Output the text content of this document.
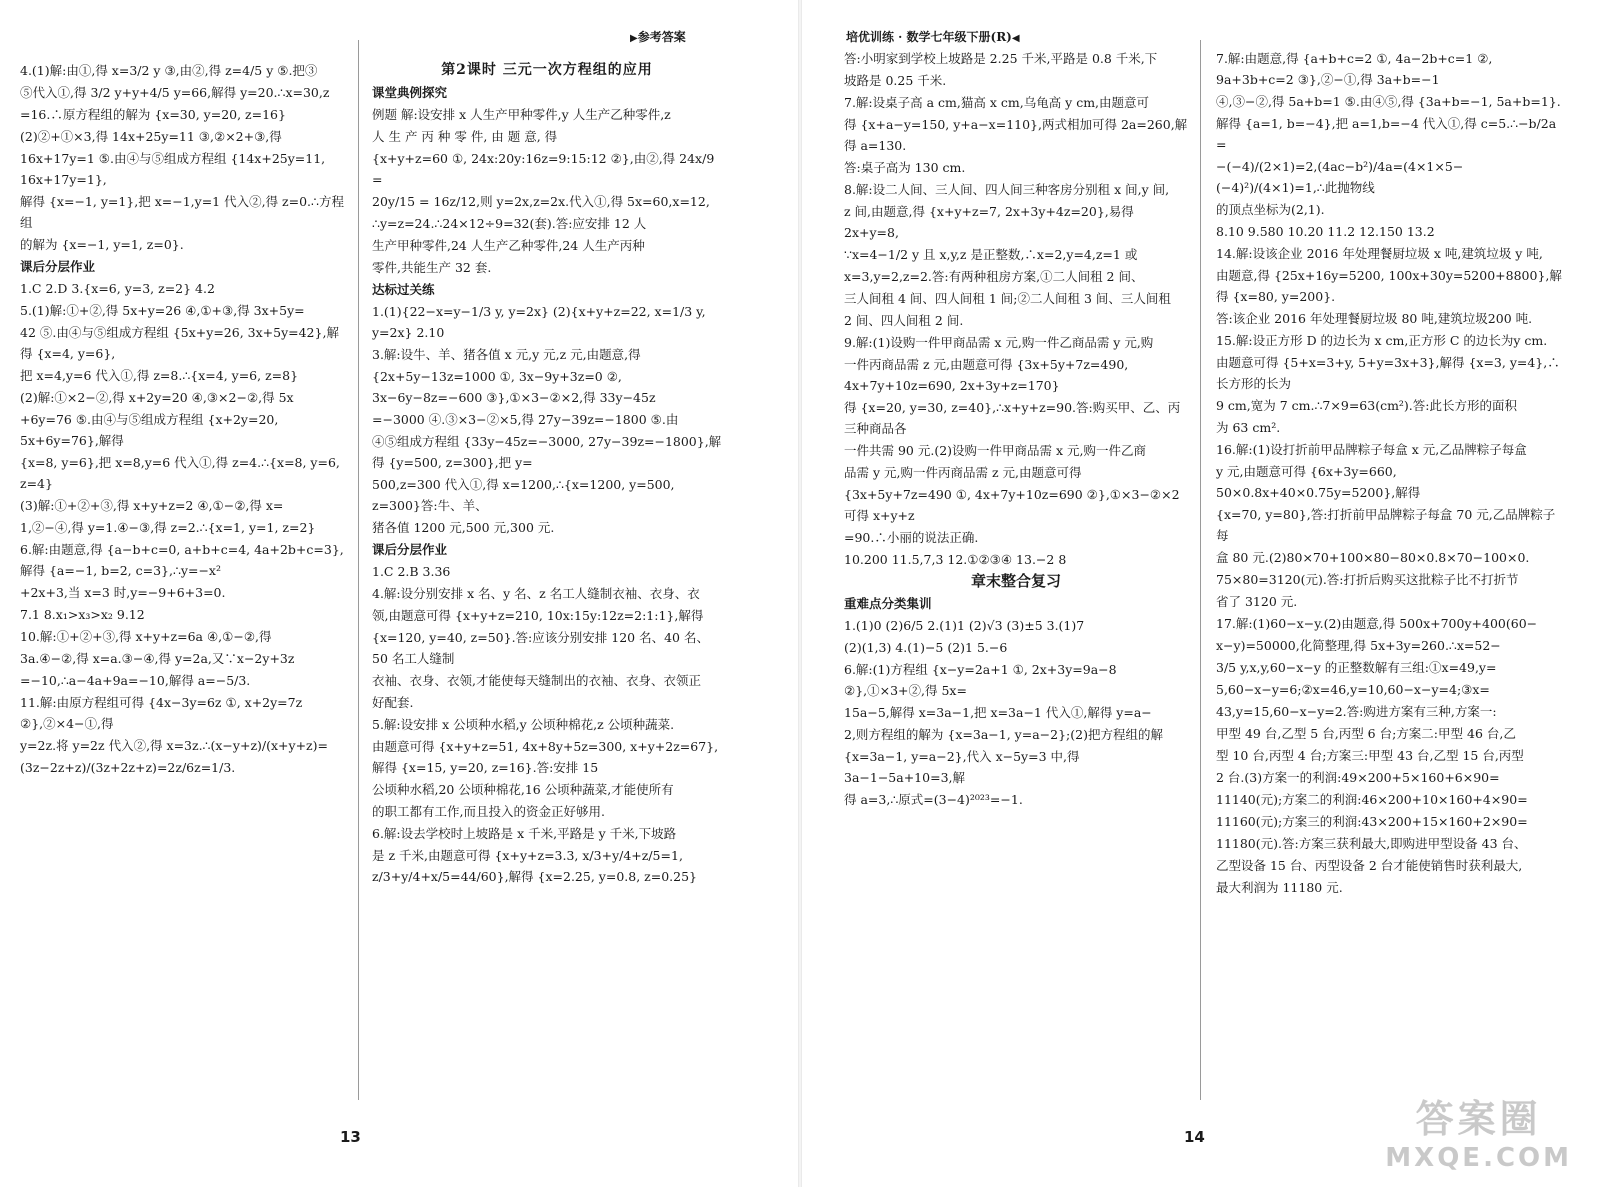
▶参考答案

4.(1)解:由①,得 x=3/2 y ③,由②,得 z=4/5 y ⑤.把③

⑤代入①,得 3/2 y+y+4/5 y=66,解得 y=20.∴x=30,z

=16.∴原方程组的解为 {x=30, y=20, z=16}

(2)②+①×3,得 14x+25y=11 ③,②×2+③,得

16x+17y=1 ⑤.由④与⑤组成方程组 {14x+25y=11, 16x+17y=1},

解得 {x=−1, y=1},把 x=−1,y=1 代入②,得 z=0.∴方程组

的解为 {x=−1, y=1, z=0}.

课后分层作业

1.C 2.D 3.{x=6, y=3, z=2} 4.2

5.(1)解:①+②,得 5x+y=26 ④,①+③,得 3x+5y=

42 ⑤.由④与⑤组成方程组 {5x+y=26, 3x+5y=42},解得 {x=4, y=6},

把 x=4,y=6 代入①,得 z=8.∴{x=4, y=6, z=8}

(2)解:①×2−②,得 x+2y=20 ④,③×2−②,得 5x

+6y=76 ⑤.由④与⑤组成方程组 {x+2y=20, 5x+6y=76},解得

{x=8, y=6},把 x=8,y=6 代入①,得 z=4.∴{x=8, y=6, z=4}

(3)解:①+②+③,得 x+y+z=2 ④,①−②,得 x=

1,②−④,得 y=1.④−③,得 z=2.∴{x=1, y=1, z=2}

6.解:由题意,得 {a−b+c=0, a+b+c=4, 4a+2b+c=3},解得 {a=−1, b=2, c=3},∴y=−x²

+2x+3,当 x=3 时,y=−9+6+3=0.

7.1 8.x₁>x₃>x₂ 9.12

10.解:①+②+③,得 x+y+z=6a ④,①−②,得

3a.④−②,得 x=a.③−④,得 y=2a,又∵x−2y+3z

=−10,∴a−4a+9a=−10,解得 a=−5/3.

11.解:由原方程组可得 {4x−3y=6z ①, x+2y=7z ②},②×4−①,得

y=2z.将 y=2z 代入②,得 x=3z.∴(x−y+z)/(x+y+z)=

(3z−2z+z)/(3z+2z+z)=2z/6z=1/3.

第2课时 三元一次方程组的应用

课堂典例探究

例题 解:设安排 x 人生产甲种零件,y 人生产乙种零件,z

人 生 产 丙 种 零 件, 由 题 意, 得

{x+y+z=60 ①, 24x:20y:16z=9:15:12 ②},由②,得 24x/9 =

20y/15 = 16z/12,则 y=2x,z=2x.代入①,得 5x=60,x=12,

∴y=z=24.∴24×12÷9=32(套).答:应安排 12 人

生产甲种零件,24 人生产乙种零件,24 人生产丙种

零件,共能生产 32 套.

达标过关练

1.(1){22−x=y−1/3 y, y=2x} (2){x+y+z=22, x=1/3 y, y=2x} 2.10

3.解:设牛、羊、猪各值 x 元,y 元,z 元,由题意,得

{2x+5y−13z=1000 ①, 3x−9y+3z=0 ②, 3x−6y−8z=−600 ③},①×3−②×2,得 33y−45z

=−3000 ④.③×3−②×5,得 27y−39z=−1800 ⑤.由

④⑤组成方程组 {33y−45z=−3000, 27y−39z=−1800},解得 {y=500, z=300},把 y=

500,z=300 代入①,得 x=1200,∴{x=1200, y=500, z=300}答:牛、羊、

猪各值 1200 元,500 元,300 元.

课后分层作业

1.C 2.B 3.36

4.解:设分别安排 x 名、y 名、z 名工人缝制衣袖、衣身、衣

领,由题意可得 {x+y+z=210, 10x:15y:12z=2:1:1},解得

{x=120, y=40, z=50}.答:应该分别安排 120 名、40 名、50 名工人缝制

衣袖、衣身、衣领,才能使每天缝制出的衣袖、衣身、衣领正

好配套.

5.解:设安排 x 公顷种水稻,y 公顷种棉花,z 公顷种蔬菜.

由题意可得 {x+y+z=51, 4x+8y+5z=300, x+y+2z=67},解得 {x=15, y=20, z=16}.答:安排 15

公顷种水稻,20 公顷种棉花,16 公顷种蔬菜,才能使所有

的职工都有工作,而且投入的资金正好够用.

6.解:设去学校时上坡路是 x 千米,平路是 y 千米,下坡路

是 z 千米,由题意可得 {x+y+z=3.3, x/3+y/4+z/5=1, z/3+y/4+x/5=44/60},解得 {x=2.25, y=0.8, z=0.25}

13
培优训练 · 数学七年级下册(R)◀

答:小明家到学校上坡路是 2.25 千米,平路是 0.8 千米,下

坡路是 0.25 千米.

7.解:设桌子高 a cm,猫高 x cm,乌龟高 y cm,由题意可

得 {x+a−y=150, y+a−x=110},两式相加可得 2a=260,解得 a=130.

答:桌子高为 130 cm.

8.解:设二人间、三人间、四人间三种客房分别租 x 间,y 间,

z 间,由题意,得 {x+y+z=7, 2x+3y+4z=20},易得 2x+y=8,

∵x=4−1/2 y 且 x,y,z 是正整数,∴x=2,y=4,z=1 或

x=3,y=2,z=2.答:有两种租房方案,①二人间租 2 间、

三人间租 4 间、四人间租 1 间;②二人间租 3 间、三人间租

2 间、四人间租 2 间.

9.解:(1)设购一件甲商品需 x 元,购一件乙商品需 y 元,购

一件丙商品需 z 元,由题意可得 {3x+5y+7z=490, 4x+7y+10z=690, 2x+3y+z=170}

得 {x=20, y=30, z=40},∴x+y+z=90.答:购买甲、乙、丙三种商品各

一件共需 90 元.(2)设购一件甲商品需 x 元,购一件乙商

品需 y 元,购一件丙商品需 z 元,由题意可得

{3x+5y+7z=490 ①, 4x+7y+10z=690 ②},①×3−②×2 可得 x+y+z

=90.∴小丽的说法正确.

10.200 11.5,7,3 12.①②③④ 13.−2 8

章末整合复习

重难点分类集训

1.(1)0 (2)6/5 2.(1)1 (2)√3 (3)±5 3.(1)7

(2)(1,3) 4.(1)−5 (2)1 5.−6

6.解:(1)方程组 {x−y=2a+1 ①, 2x+3y=9a−8 ②},①×3+②,得 5x=

15a−5,解得 x=3a−1,把 x=3a−1 代入①,解得 y=a−

2,则方程组的解为 {x=3a−1, y=a−2};(2)把方程组的解

{x=3a−1, y=a−2},代入 x−5y=3 中,得 3a−1−5a+10=3,解

得 a=3,∴原式=(3−4)²⁰²³=−1.

7.解:由题意,得 {a+b+c=2 ①, 4a−2b+c=1 ②, 9a+3b+c=2 ③},②−①,得 3a+b=−1

④,③−②,得 5a+b=1 ⑤.由④⑤,得 {3a+b=−1, 5a+b=1}.

解得 {a=1, b=−4},把 a=1,b=−4 代入①,得 c=5.∴−b/2a =

−(−4)/(2×1)=2,(4ac−b²)/4a=(4×1×5−(−4)²)/(4×1)=1,∴此抛物线

的顶点坐标为(2,1).

8.10 9.580 10.20 11.2 12.150 13.2

14.解:设该企业 2016 年处理餐厨垃圾 x 吨,建筑垃圾 y 吨,

由题意,得 {25x+16y=5200, 100x+30y=5200+8800},解得 {x=80, y=200}.

答:该企业 2016 年处理餐厨垃圾 80 吨,建筑垃圾200 吨.

15.解:设正方形 D 的边长为 x cm,正方形 C 的边长为y cm.

由题意可得 {5+x=3+y, 5+y=3x+3},解得 {x=3, y=4},∴长方形的长为

9 cm,宽为 7 cm.∴7×9=63(cm²).答:此长方形的面积

为 63 cm².

16.解:(1)设打折前甲品牌粽子每盒 x 元,乙品牌粽子每盒

y 元,由题意可得 {6x+3y=660, 50×0.8x+40×0.75y=5200},解得

{x=70, y=80},答:打折前甲品牌粽子每盒 70 元,乙品牌粽子每

盒 80 元.(2)80×70+100×80−80×0.8×70−100×0.

75×80=3120(元).答:打折后购买这批粽子比不打折节

省了 3120 元.

17.解:(1)60−x−y.(2)由题意,得 500x+700y+400(60−

x−y)=50000,化简整理,得 5x+3y=260.∴x=52−

3/5 y,x,y,60−x−y 的正整数解有三组:①x=49,y=

5,60−x−y=6;②x=46,y=10,60−x−y=4;③x=

43,y=15,60−x−y=2.答:购进方案有三种,方案一:

甲型 49 台,乙型 5 台,丙型 6 台;方案二:甲型 46 台,乙

型 10 台,丙型 4 台;方案三:甲型 43 台,乙型 15 台,丙型

2 台.(3)方案一的利润:49×200+5×160+6×90=

11140(元);方案二的利润:46×200+10×160+4×90=

11160(元);方案三的利润:43×200+15×160+2×90=

11180(元).答:方案三获利最大,即购进甲型设备 43 台、

乙型设备 15 台、丙型设备 2 台才能使销售时获利最大,

最大利润为 11180 元.

14	答案圈
MXQE.COM
